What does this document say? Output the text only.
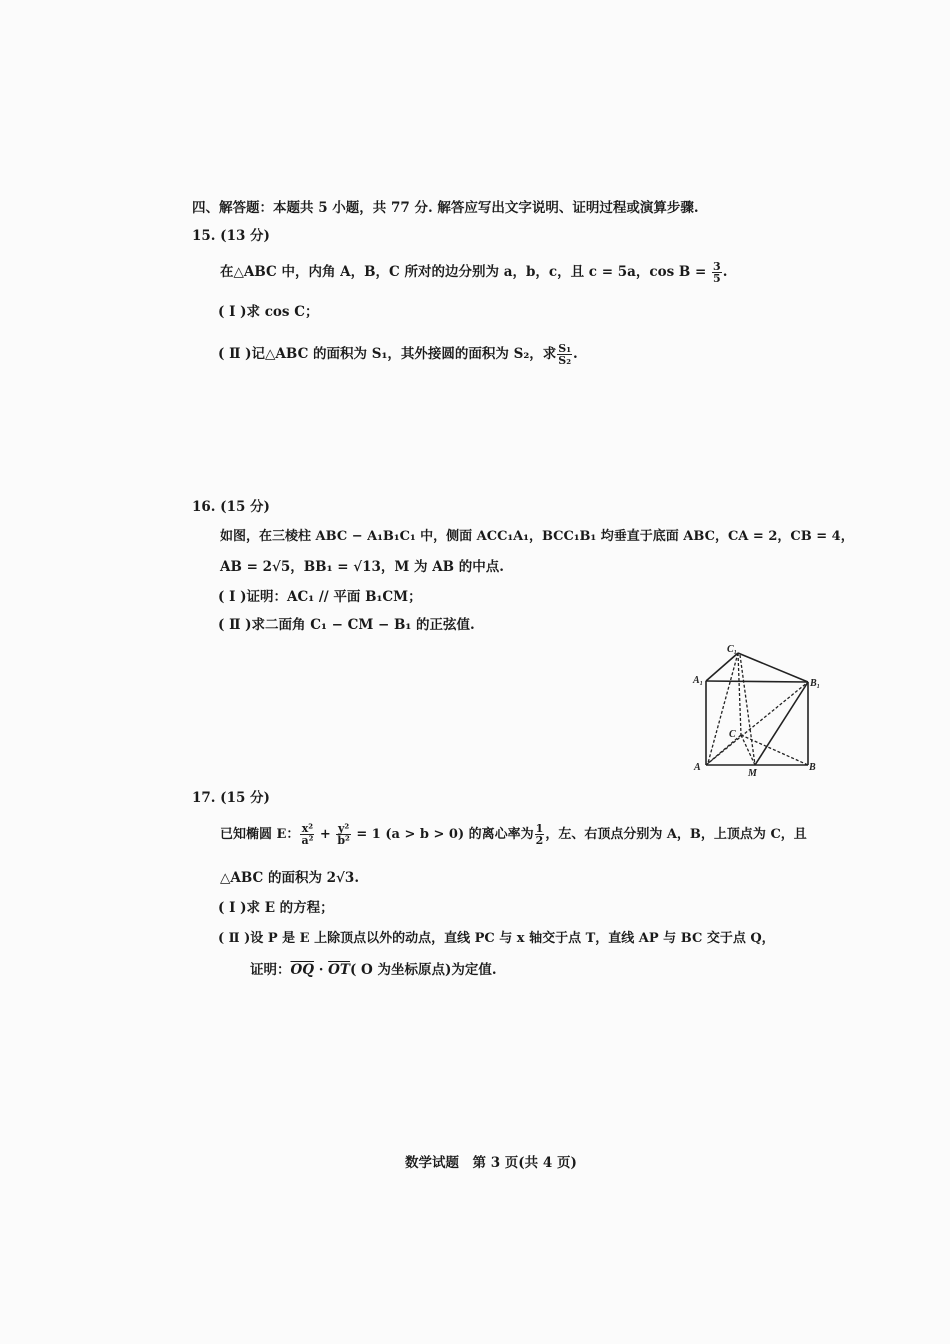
四、解答题：本题共 5 小题，共 77 分. 解答应写出文字说明、证明过程或演算步骤.
15. (13 分)
在△ABC 中，内角 A，B，C 所对的边分别为 a，b，c，且 c = 5a，$\cos B = \frac{3}{5}$ .
( Ⅰ )求 cos C；
( Ⅱ )记△ABC 的面积为 S₁，其外接圆的面积为 S₂，求 $\frac{\text{S₁}}{\text{S₂}}$ .
16. (15 分)
如图，在三棱柱 ABC − A₁B₁C₁ 中，侧面 ACC₁A₁，BCC₁B₁ 均垂直于底面 ABC，CA = 2，CB = 4，
AB = 2√5，BB₁ = √13，M 为 AB 的中点.
( Ⅰ )证明：AC₁ // 平面 B₁CM；
( Ⅱ )求二面角 C₁ − CM − B₁ 的正弦值.
C₁
A₁	B₁
C
A
M
B
17. (15 分)
已知椭圆 E： $\frac{\text{x²}}{\text{a²}} + \frac{\text{y²}}{\text{b²}} = 1$ (a > b > 0) 的离心率为 $\frac{1}{2}$ ，左、右顶点分别为 A，B，上顶点为 C，且
△ABC 的面积为 2√3.
( Ⅰ )求 E 的方程；
( Ⅱ )设 P 是 E 上除顶点以外的动点，直线 PC 与 x 轴交于点 T，直线 AP 与 BC 交于点 Q，
证明：$\overline{OQ} \cdot \overline{OT}$( O 为坐标原点)为定值.
数学试题　第 3 页(共 4 页)
